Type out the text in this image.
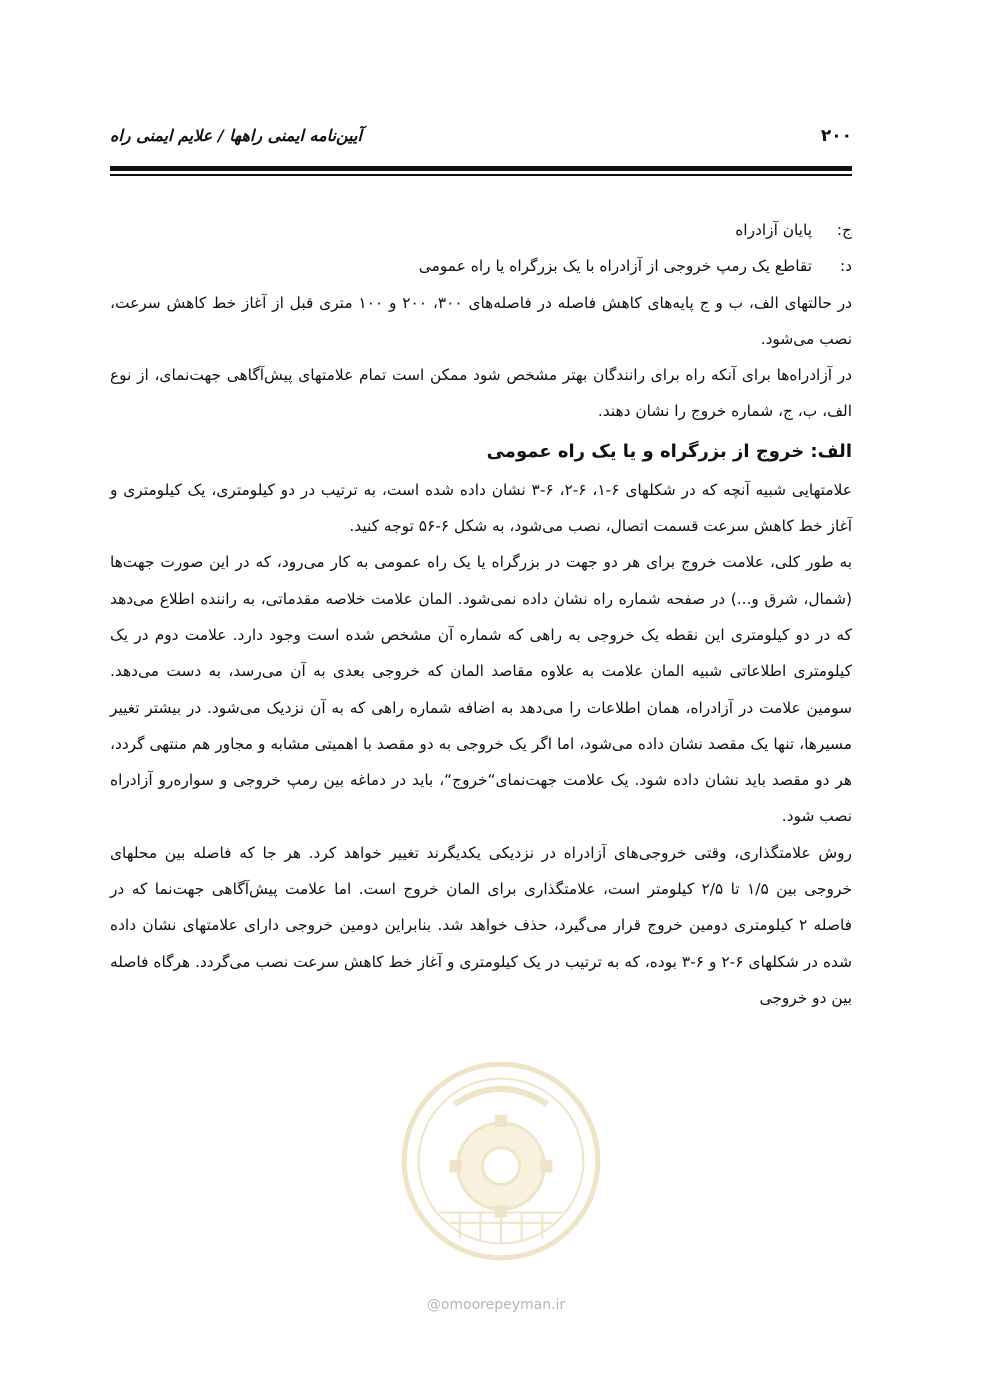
۲۰۰
آیین‌نامه ایمنی راهها / علایم ایمنی راه
ج:
پایان آزادراه
د:
تقاطع یک رمپ خروجی از آزادراه با یک بزرگراه یا راه عمومی

در حالتهای الف، ب و ج پایه‌های کاهش فاصله در فاصله‌های ۳۰۰، ۲۰۰ و ۱۰۰ متری قبل از آغاز خط کاهش سرعت، نصب می‌شود.

در آزادراه‌ها برای آنکه راه برای رانندگان بهتر مشخص شود ممکن است تمام علامتهای پیش‌آگاهی جهت‌نمای، از نوع الف، ب، ج، شماره خروج را نشان دهند.

الف: خروج از بزرگراه و یا یک راه عمومی

علامتهایی شبیه آنچه که در شکلهای ۶-۱، ۶-۲، ۶-۳ نشان داده شده است، به ترتیب در دو کیلومتری، یک کیلومتری و آغاز خط کاهش سرعت قسمت اتصال، نصب می‌شود، به شکل ۶-۵۶ توجه کنید.

به طور کلی، علامت خروج برای هر دو جهت در بزرگراه یا یک راه عمومی به کار می‌رود، که در این صورت جهت‌ها (شمال، شرق و...) در صفحه شماره راه نشان داده نمی‌شود. المان علامت خلاصه مقدماتی، به راننده اطلاع می‌دهد که در دو کیلومتری این نقطه یک خروجی به راهی که شماره آن مشخص شده است وجود دارد. علامت دوم در یک کیلومتری اطلاعاتی شبیه المان علامت به علاوه مقاصد المان که خروجی بعدی به آن می‌رسد، به دست می‌دهد. سومین علامت در آزادراه، همان اطلاعات را می‌دهد به اضافه شماره راهی که به آن نزدیک می‌شود. در بیشتر تغییر مسیرها، تنها یک مقصد نشان داده می‌شود، اما اگر یک خروجی به دو مقصد با اهمیتی مشابه و مجاور هم منتهی گردد، هر دو مقصد باید نشان داده شود. یک علامت جهت‌نمای“خروج“، باید در دماغه بین رمپ خروجی و سواره‌رو آزادراه نصب شود.

روش علامتگذاری، وقتی خروجی‌های آزادراه در نزدیکی یکدیگرند تغییر خواهد کرد. هر جا که فاصله بین محلهای خروجی بین ۱/۵ تا ۲/۵ کیلومتر است، علامتگذاری برای المان خروج است. اما علامت پیش‌آگاهی جهت‌نما که در فاصله ۲ کیلومتری دومین خروج قرار می‌گیرد، حذف خواهد شد. بنابراین دومین خروجی دارای علامتهای نشان داده شده در شکلهای ۶-۲ و ۶-۳ بوده، که به ترتیب در یک کیلومتری و آغاز خط کاهش سرعت نصب می‌گردد. هرگاه فاصله بین دو خروجی

@omoorepeyman.ir
